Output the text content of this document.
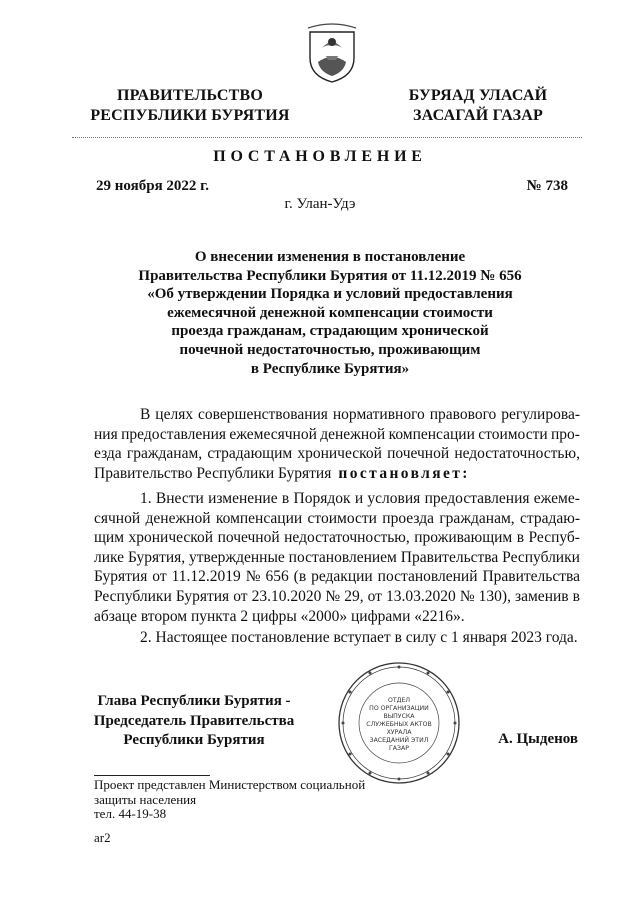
ПРАВИТЕЛЬСТВО
РЕСПУБЛИКИ БУРЯТИЯ
БУРЯАД УЛАСАЙ
ЗАСАГАЙ ГАЗАР
ПОСТАНОВЛЕНИЕ
29 ноября 2022 г.	№ 738
г. Улан-Удэ
О внесении изменения в постановление
Правительства Республики Бурятия от 11.12.2019 № 656
«Об утверждении Порядка и условий предоставления
ежемесячной денежной компенсации стоимости
проезда гражданам, страдающим хронической
почечной недостаточностью, проживающим
в Республике Бурятия»
В целях совершенствования нормативного правового регулирова-
ния предоставления ежемесячной денежной компенсации стоимости про-
езда гражданам, страдающим хронической почечной недостаточностью,
Правительство Республики Бурятия постановляет:
1. Внести изменение в Порядок и условия предоставления ежеме-
сячной денежной компенсации стоимости проезда гражданам, страдаю-
щим хронической почечной недостаточностью, проживающим в Респуб-
лике Бурятия, утвержденные постановлением Правительства Республики
Бурятия от 11.12.2019 № 656 (в редакции постановлений Правительства
Республики Бурятия от 23.10.2020 № 29, от 13.03.2020 № 130), заменив в
абзаце втором пункта 2 цифры «2000» цифрами «2216».
2. Настоящее постановление вступает в силу с 1 января 2023 года.
ОТДЕЛ
ПО ОРГАНИЗАЦИИ
ВЫПУСКА
СЛУЖЕБНЫХ АКТОВ
ХУРАЛА
ЗАСЕДАНИЙ ЭТИЛ
ГАЗАР
Глава Республики Бурятия -
Председатель Правительства
Республики Бурятия	А. Цыденов
Проект представлен Министерством социальной
защиты населения
тел. 44-19-38
ar2
